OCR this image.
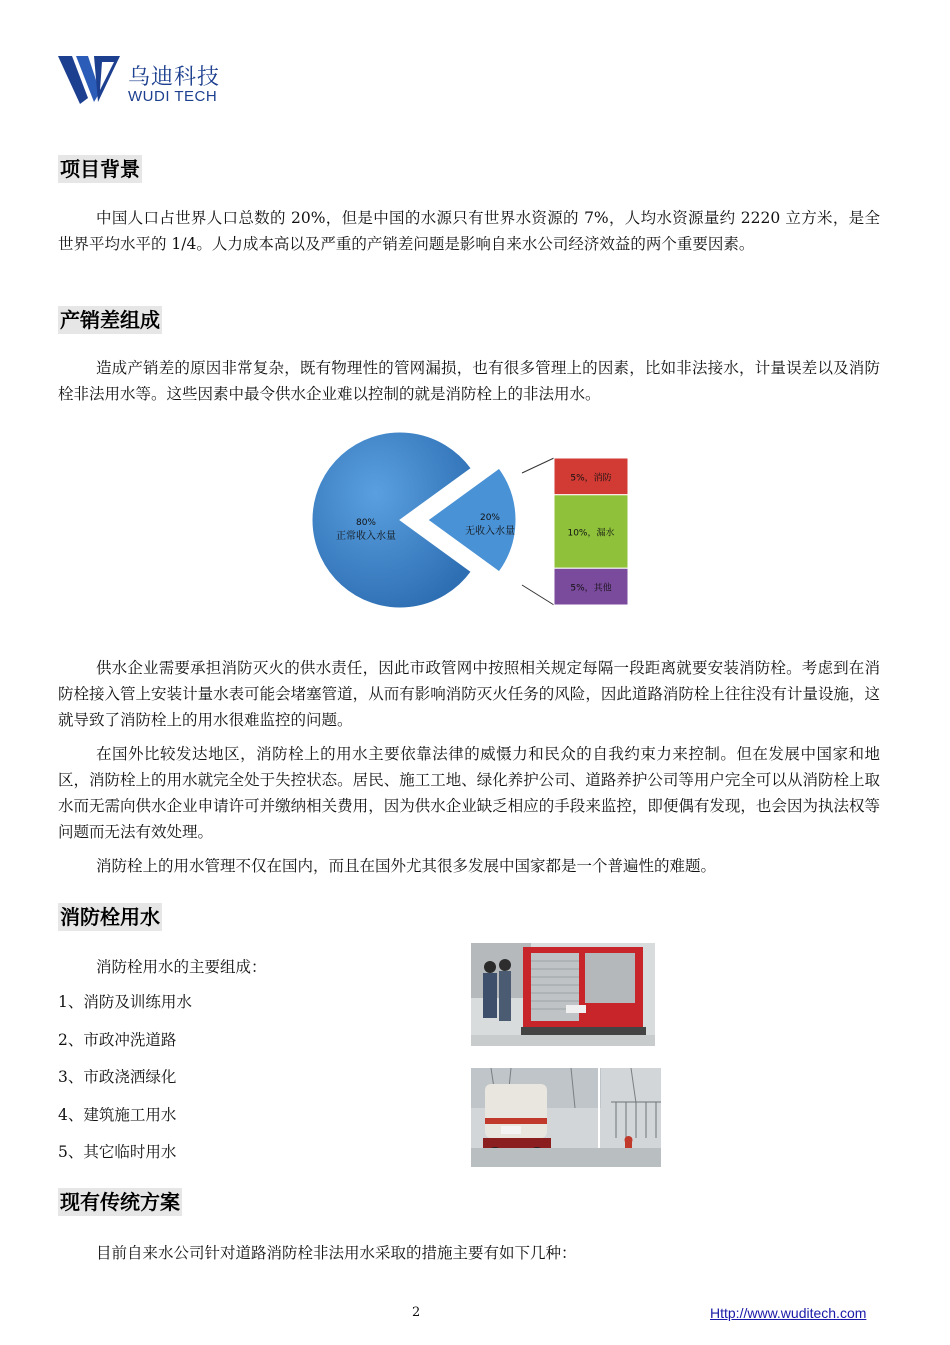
乌迪科技
WUDI TECH
项目背景

中国人口占世界人口总数的 20%，但是中国的水源只有世界水资源的 7%，人均水资源量约 2220 立方米，是全世界平均水平的 1/4。人力成本高以及严重的产销差问题是影响自来水公司经济效益的两个重要因素。

产销差组成

造成产销差的原因非常复杂，既有物理性的管网漏损，也有很多管理上的因素，比如非法接水，计量误差以及消防栓非法用水等。这些因素中最令供水企业难以控制的就是消防栓上的非法用水。

80%
正常收入水量
20%
无收入水量
5%，消防
10%，漏水
5%，其他

供水企业需要承担消防灭火的供水责任，因此市政管网中按照相关规定每隔一段距离就要安装消防栓。考虑到在消防栓接入管上安装计量水表可能会堵塞管道，从而有影响消防灭火任务的风险，因此道路消防栓上往往没有计量设施，这就导致了消防栓上的用水很难监控的问题。

在国外比较发达地区，消防栓上的用水主要依靠法律的威慑力和民众的自我约束力来控制。但在发展中国家和地区，消防栓上的用水就完全处于失控状态。居民、施工工地、绿化养护公司、道路养护公司等用户完全可以从消防栓上取水而无需向供水企业申请许可并缴纳相关费用，因为供水企业缺乏相应的手段来监控，即便偶有发现，也会因为执法权等问题而无法有效处理。

消防栓上的用水管理不仅在国内，而且在国外尤其很多发展中国家都是一个普遍性的难题。

消防栓用水
消防栓用水的主要组成：
1、消防及训练用水
2、市政冲洗道路
3、市政浇洒绿化
4、建筑施工用水
5、其它临时用水
现有传统方案

目前自来水公司针对道路消防栓非法用水采取的措施主要有如下几种：

2	Http://www.wuditech.com
